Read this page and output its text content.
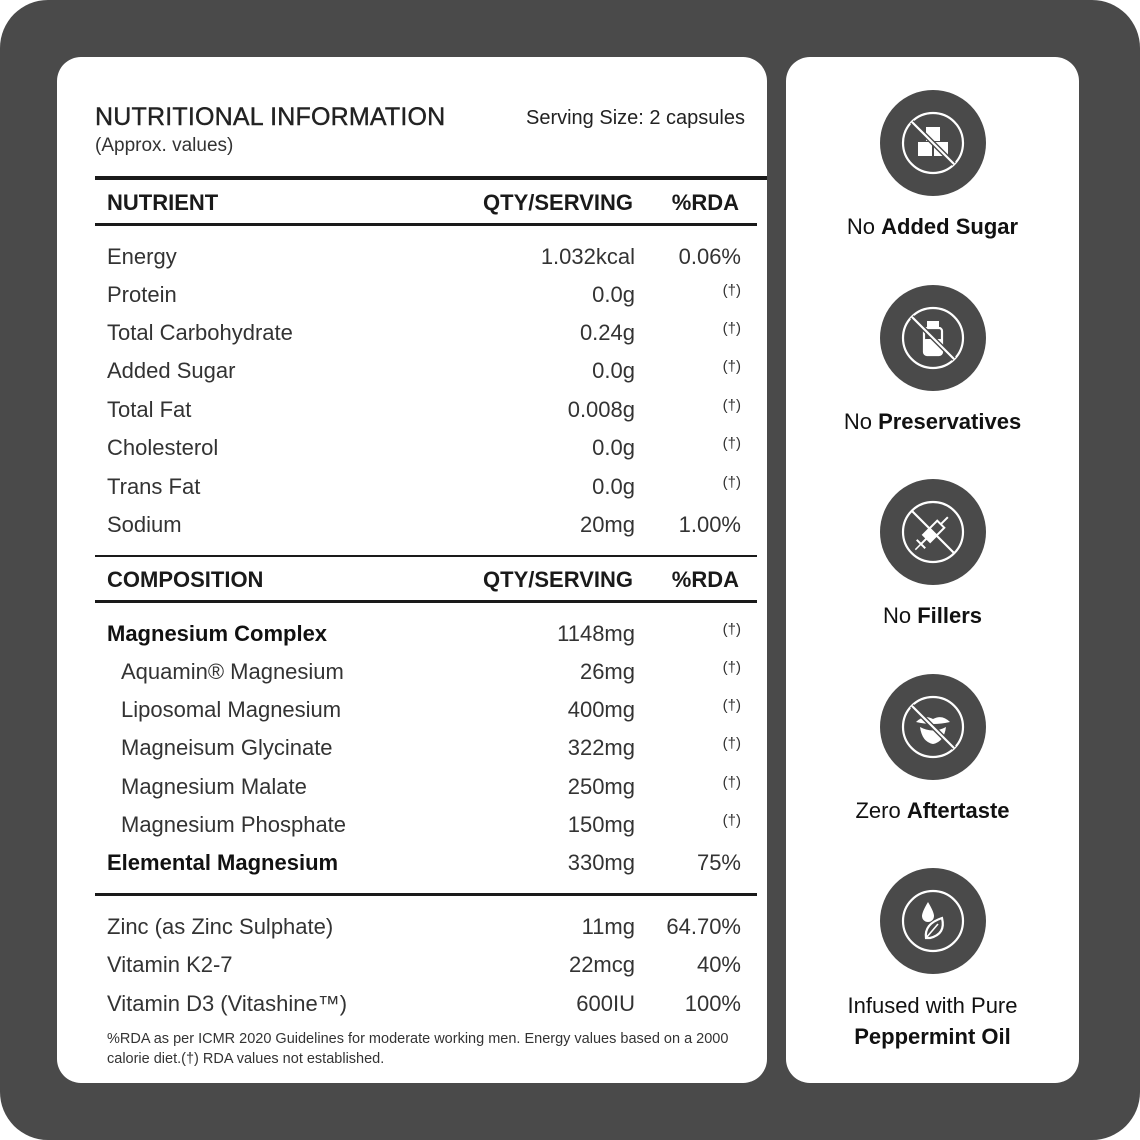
NUTRITIONAL INFORMATION
(Approx. values)
Serving Size: 2 capsules
NUTRIENT	QTY/SERVING %RDA
Energy	1.032kcal 0.06%
Protein	0.0g	(†)
Total Carbohydrate	0.24g	(†)
Added Sugar	0.0g	(†)
Total Fat	0.008g	(†)
Cholesterol	0.0g	(†)
Trans Fat	0.0g	(†)
Sodium	20mg 1.00%
COMPOSITION	QTY/SERVING %RDA
Magnesium Complex	1148mg	(†)
Aquamin® Magnesium	26mg	(†)
Liposomal Magnesium	400mg	(†)
Magneisum Glycinate	322mg	(†)
Magnesium Malate	250mg	(†)
Magnesium Phosphate	150mg	(†)
Elemental Magnesium	330mg	75%
Zinc (as Zinc Sulphate)	11mg 64.70%
Vitamin K2-7	22mcg	40%
Vitamin D3 (Vitashine™)	600IU 100%
%RDA as per ICMR 2020 Guidelines for moderate working men. Energy values based on a 2000 calorie diet.(†) RDA values not established.
No Added Sugar
No Preservatives
No Fillers
Zero Aftertaste
Infused with Pure
Peppermint Oil
